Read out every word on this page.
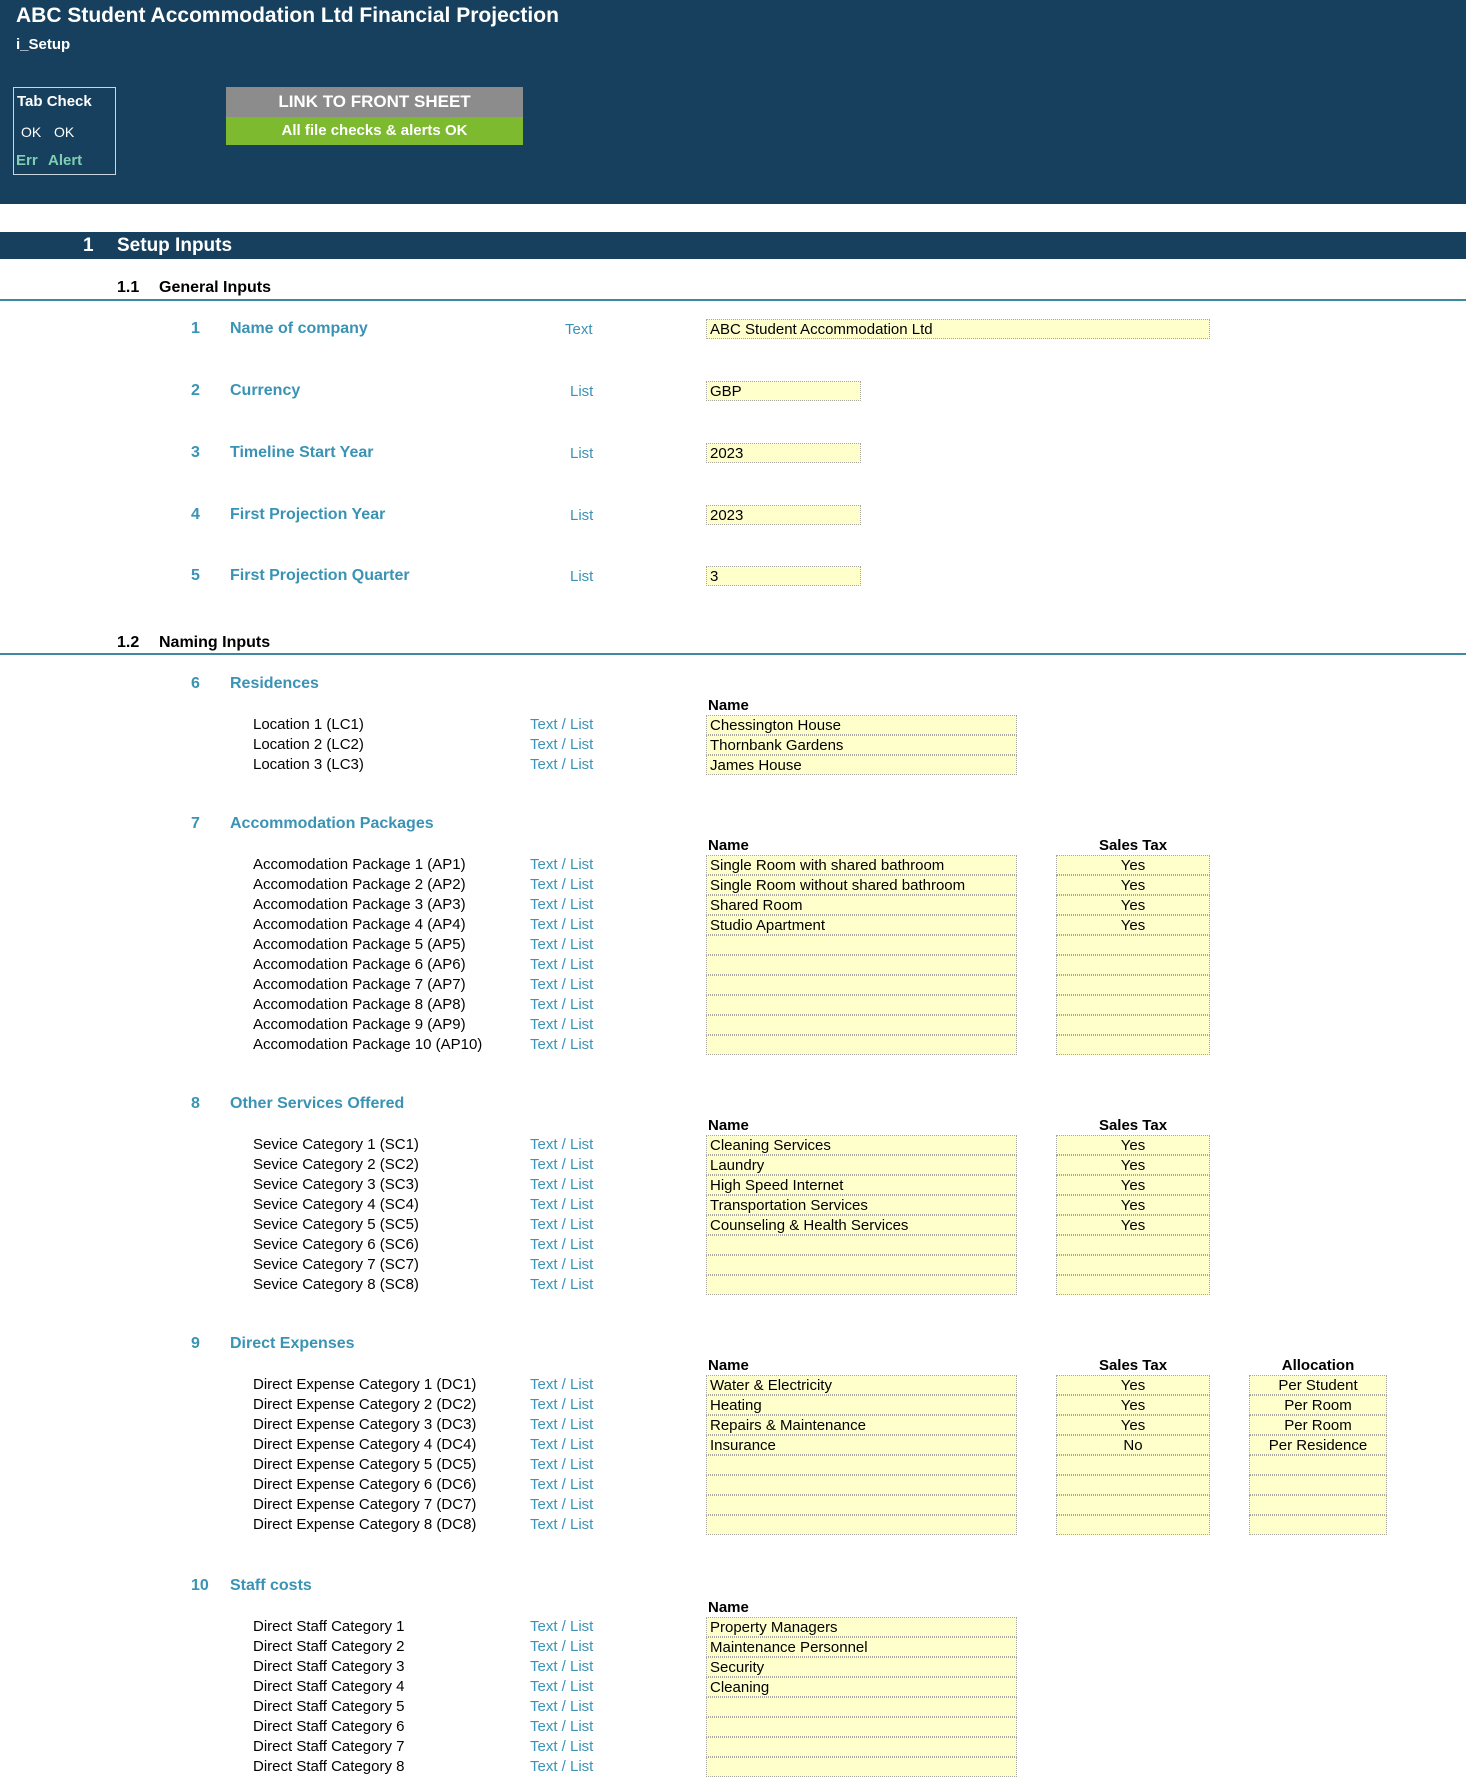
ABC Student Accommodation Ltd Financial Projection
i_Setup
Tab Check
OK OK
Err Alert
LINK TO FRONT SHEET
All file checks & alerts OK
1 Setup Inputs
1.1 General Inputs
1 Name of company	Text	ABC Student Accommodation Ltd
2 Currency	List	GBP
3 Timeline Start Year	List	2023
4 First Projection Year	List	2023
5 First Projection Quarter	List	3
1.2 Naming Inputs
6 Residences
Name
Location 1 (LC1)	Text / List	Chessington House
Location 2 (LC2)	Text / List	Thornbank Gardens
Location 3 (LC3)	Text / List	James House
7 Accommodation Packages
Name	Sales Tax
Accomodation Package 1 (AP1)	Text / List	Single Room with shared bathroom	Yes
Accomodation Package 2 (AP2)	Text / List	Single Room without shared bathroom	Yes
Accomodation Package 3 (AP3)	Text / List	Shared Room	Yes
Accomodation Package 4 (AP4)	Text / List	Studio Apartment	Yes
Accomodation Package 5 (AP5)	Text / List
Accomodation Package 6 (AP6)	Text / List
Accomodation Package 7 (AP7)	Text / List
Accomodation Package 8 (AP8)	Text / List
Accomodation Package 9 (AP9)	Text / List
Accomodation Package 10 (AP10)	Text / List
8 Other Services Offered
Name	Sales Tax
Sevice Category 1 (SC1)	Text / List	Cleaning Services	Yes
Sevice Category 2 (SC2)	Text / List	Laundry	Yes
Sevice Category 3 (SC3)	Text / List	High Speed Internet	Yes
Sevice Category 4 (SC4)	Text / List	Transportation Services	Yes
Sevice Category 5 (SC5)	Text / List	Counseling & Health Services	Yes
Sevice Category 6 (SC6)	Text / List
Sevice Category 7 (SC7)	Text / List
Sevice Category 8 (SC8)	Text / List
9 Direct Expenses
Name	Sales Tax	Allocation
Direct Expense Category 1 (DC1)	Text / List	Water & Electricity	Yes	Per Student
Direct Expense Category 2 (DC2)	Text / List	Heating	Yes	Per Room
Direct Expense Category 3 (DC3)	Text / List	Repairs & Maintenance	Yes	Per Room
Direct Expense Category 4 (DC4)	Text / List	Insurance	No	Per Residence
Direct Expense Category 5 (DC5)	Text / List
Direct Expense Category 6 (DC6)	Text / List
Direct Expense Category 7 (DC7)	Text / List
Direct Expense Category 8 (DC8)	Text / List
10 Staff costs
Name
Direct Staff Category 1	Text / List	Property Managers
Direct Staff Category 2	Text / List	Maintenance Personnel
Direct Staff Category 3	Text / List	Security
Direct Staff Category 4	Text / List	Cleaning
Direct Staff Category 5	Text / List
Direct Staff Category 6	Text / List
Direct Staff Category 7	Text / List
Direct Staff Category 8	Text / List
